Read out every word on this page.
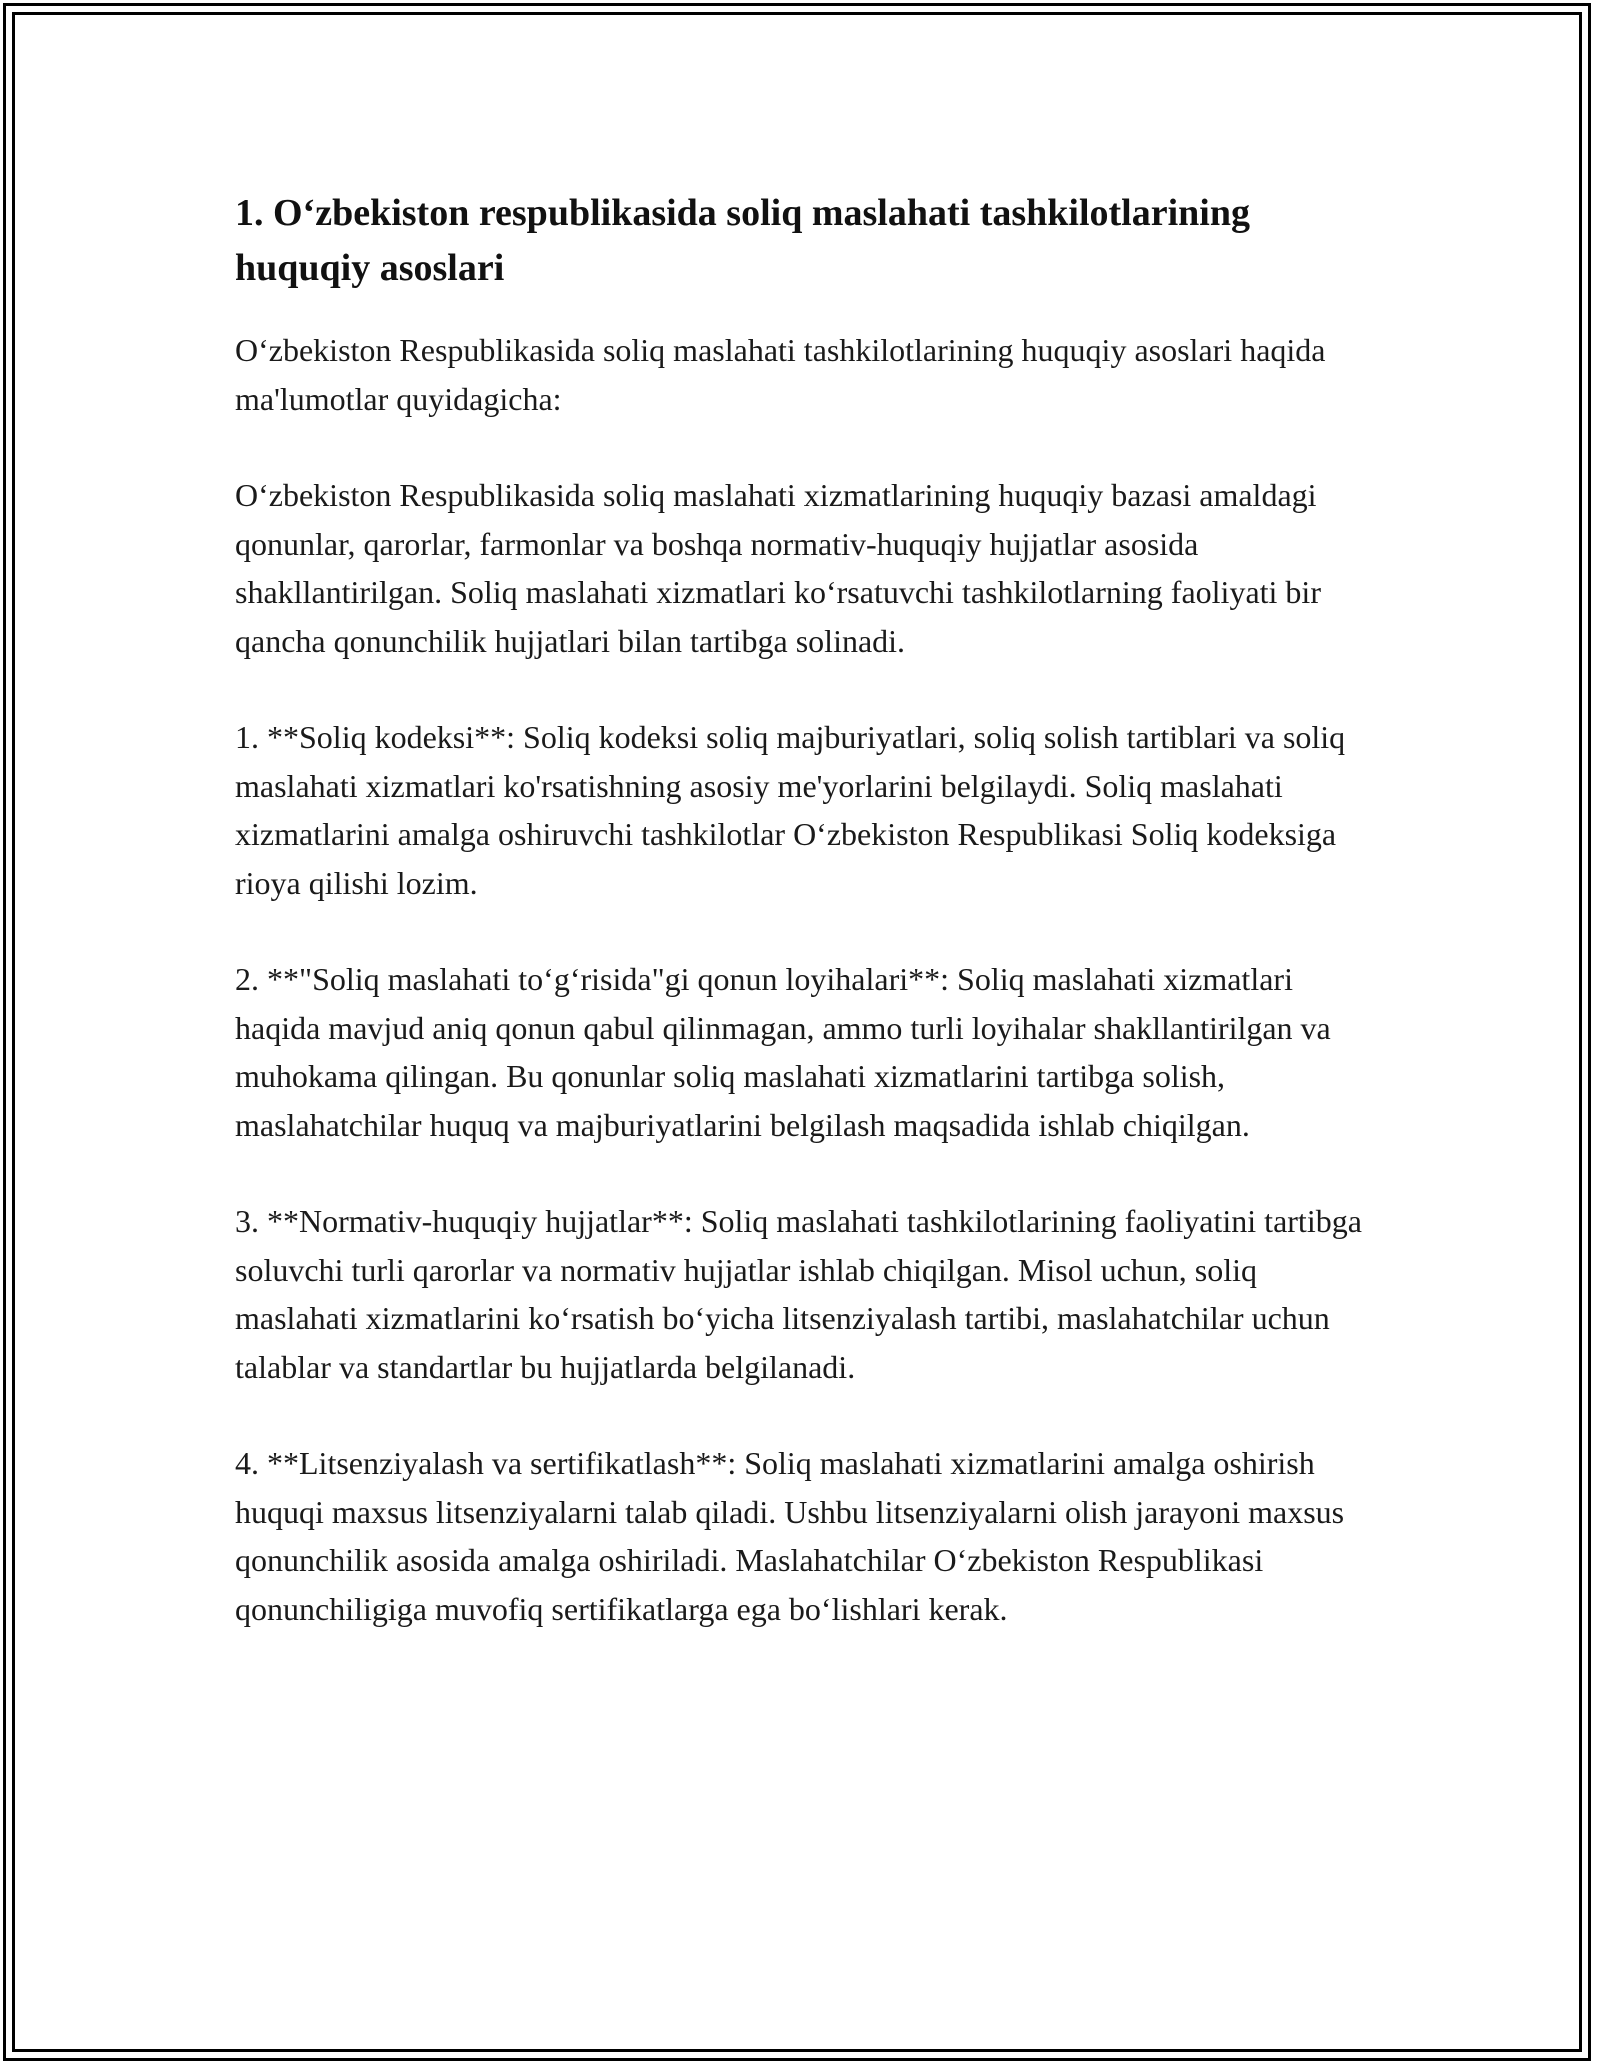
1. O‘zbekiston respublikasida soliq maslahati tashkilotlarining huquqiy asoslari

O‘zbekiston Respublikasida soliq maslahati tashkilotlarining huquqiy asoslari haqida ma'lumotlar quyidagicha:

O‘zbekiston Respublikasida soliq maslahati xizmatlarining huquqiy bazasi amaldagi qonunlar, qarorlar, farmonlar va boshqa normativ-huquqiy hujjatlar asosida shakllantirilgan. Soliq maslahati xizmatlari ko‘rsatuvchi tashkilotlarning faoliyati bir qancha qonunchilik hujjatlari bilan tartibga solinadi.

1. **Soliq kodeksi**: Soliq kodeksi soliq majburiyatlari, soliq solish tartiblari va soliq maslahati xizmatlari ko'rsatishning asosiy me'yorlarini belgilaydi. Soliq maslahati xizmatlarini amalga oshiruvchi tashkilotlar O‘zbekiston Respublikasi Soliq kodeksiga rioya qilishi lozim.

2. **"Soliq maslahati to‘g‘risida"gi qonun loyihalari**: Soliq maslahati xizmatlari haqida mavjud aniq qonun qabul qilinmagan, ammo turli loyihalar shakllantirilgan va muhokama qilingan. Bu qonunlar soliq maslahati xizmatlarini tartibga solish, maslahatchilar huquq va majburiyatlarini belgilash maqsadida ishlab chiqilgan.

3. **Normativ-huquqiy hujjatlar**: Soliq maslahati tashkilotlarining faoliyatini tartibga soluvchi turli qarorlar va normativ hujjatlar ishlab chiqilgan. Misol uchun, soliq maslahati xizmatlarini ko‘rsatish bo‘yicha litsenziyalash tartibi, maslahatchilar uchun talablar va standartlar bu hujjatlarda belgilanadi.

4. **Litsenziyalash va sertifikatlash**: Soliq maslahati xizmatlarini amalga oshirish huquqi maxsus litsenziyalarni talab qiladi. Ushbu litsenziyalarni olish jarayoni maxsus qonunchilik asosida amalga oshiriladi. Maslahatchilar O‘zbekiston Respublikasi qonunchiligiga muvofiq sertifikatlarga ega bo‘lishlari kerak.
